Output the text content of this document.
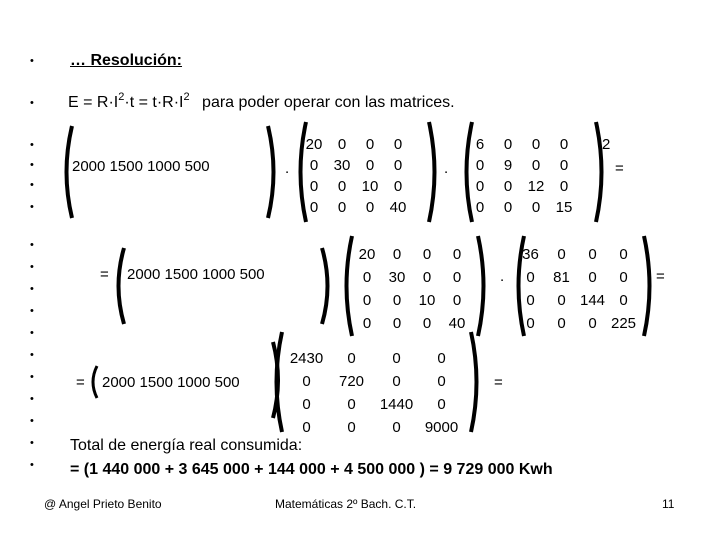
•
•
•
•
•
•
•
•
•
•
•
•
•
•
•
•
•
… Resolución:
$E = R\cdot I^2\cdot t = t\cdot R\cdot I^2$ para poder operar con las matrices.
2000 1500 1000 500	.
20	0	0	0
0	30	0	0
0	0	10	0
0	0	0	40
.
6	0	0	0
0	9	0	0
0	0	12	0
0	0	0	15
2
=
= 2000 1500 1000 500
20	0	0	0
0	30	0	0
0	0	10	0
0	0	0	40
.
36	0	0	0
0	81	0	0
0	0 144 0
0	0	0 225
=
= 2000 1500 1000 500
2430	0	0	0
0	720	0	0
0	0	1440	0
0	0	0	9000
=
Total de energía real consumida:
= (1 440 000 + 3 645 000 + 144 000 + 4 500 000 ) = 9 729 000 Kwh
@ Angel Prieto Benito	Matemáticas 2º Bach. C.T.	11
